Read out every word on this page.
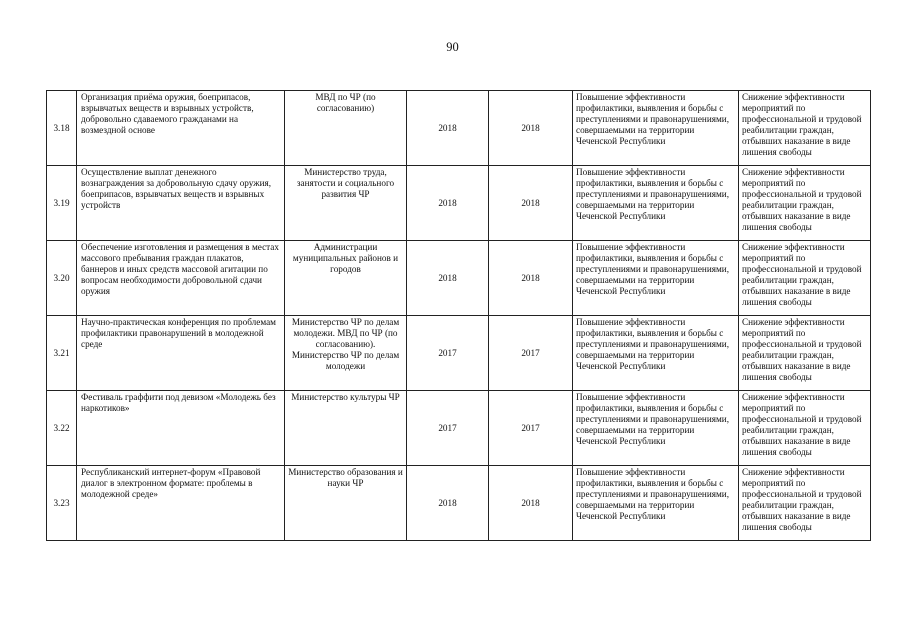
90
3.18	Организация приёма оружия, боеприпасов, взрывчатых веществ и взрывных устройств, добровольно сдаваемого гражданами на возмездной основе	МВД по ЧР (по согласованию)	2018	2018	Повышение эффективности профилактики, выявления и борьбы с преступлениями и правонарушениями, совершаемыми на территории Чеченской Республики	Снижение эффективности мероприятий по профессиональной и трудовой реабилитации граждан, отбывших наказание в виде лишения свободы
3.19	Осуществление выплат денежного вознаграждения за добровольную сдачу оружия, боеприпасов, взрывчатых веществ и взрывных устройств	Министерство труда, занятости и социального развития ЧР	2018	2018	Повышение эффективности профилактики, выявления и борьбы с преступлениями и правонарушениями, совершаемыми на территории Чеченской Республики	Снижение эффективности мероприятий по профессиональной и трудовой реабилитации граждан, отбывших наказание в виде лишения свободы
3.20	Обеспечение изготовления и размещения в местах массового пребывания граждан плакатов, баннеров и иных средств массовой агитации по вопросам необходимости добровольной сдачи оружия	Администрации муниципальных районов и городов	2018	2018	Повышение эффективности профилактики, выявления и борьбы с преступлениями и правонарушениями, совершаемыми на территории Чеченской Республики	Снижение эффективности мероприятий по профессиональной и трудовой реабилитации граждан, отбывших наказание в виде лишения свободы
3.21	Научно-практическая конференция по проблемам профилактики правонарушений в молодежной среде	Министерство ЧР по делам молодежи. МВД по ЧР (по согласованию). Министерство ЧР по делам молодежи	2017	2017	Повышение эффективности профилактики, выявления и борьбы с преступлениями и правонарушениями, совершаемыми на территории Чеченской Республики	Снижение эффективности мероприятий по профессиональной и трудовой реабилитации граждан, отбывших наказание в виде лишения свободы
3.22	Фестиваль граффити под девизом «Молодежь без наркотиков»	Министерство культуры ЧР	2017	2017	Повышение эффективности профилактики, выявления и борьбы с преступлениями и правонарушениями, совершаемыми на территории Чеченской Республики	Снижение эффективности мероприятий по профессиональной и трудовой реабилитации граждан, отбывших наказание в виде лишения свободы
3.23	Республиканский интернет-форум «Правовой диалог в электронном формате: проблемы в молодежной среде»	Министерство образования и науки ЧР	2018	2018	Повышение эффективности профилактики, выявления и борьбы с преступлениями и правонарушениями, совершаемыми на территории Чеченской Республики	Снижение эффективности мероприятий по профессиональной и трудовой реабилитации граждан, отбывших наказание в виде лишения свободы
